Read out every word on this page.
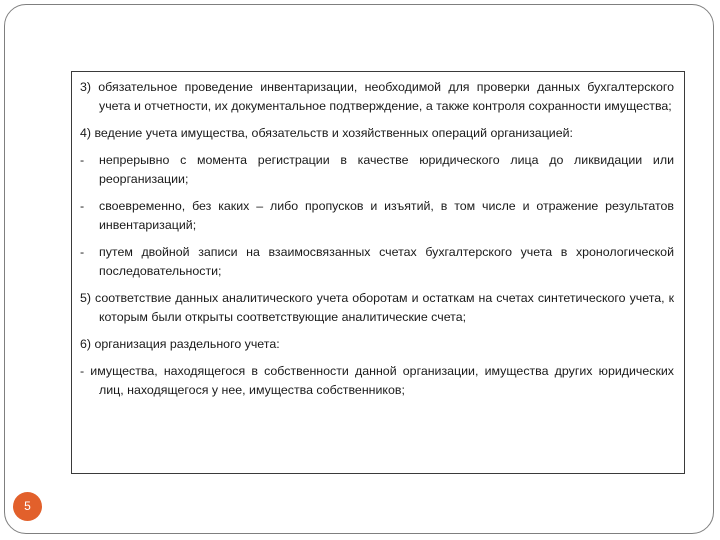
3) обязательное проведение инвентаризации, необходимой для проверки данных бухгалтерского учета и отчетности, их документальное подтверждение, а также контроля сохранности имущества;

4) ведение учета имущества, обязательств и хозяйственных операций организацией:

-	непрерывно с момента регистрации в качестве юридического лица до ликвидации или реорганизации;
-	своевременно, без каких – либо пропусков и изъятий, в том числе и отражение результатов инвентаризаций;
-	путем двойной записи на взаимосвязанных счетах бухгалтерского учета в хронологической последовательности;

5) соответствие данных аналитического учета оборотам и остаткам на счетах синтетического учета, к которым были открыты соответствующие аналитические счета;

6) организация раздельного учета:

- имущества, находящегося в собственности данной организации, имущества других юридических лиц, находящегося у нее, имущества собственников;

5
